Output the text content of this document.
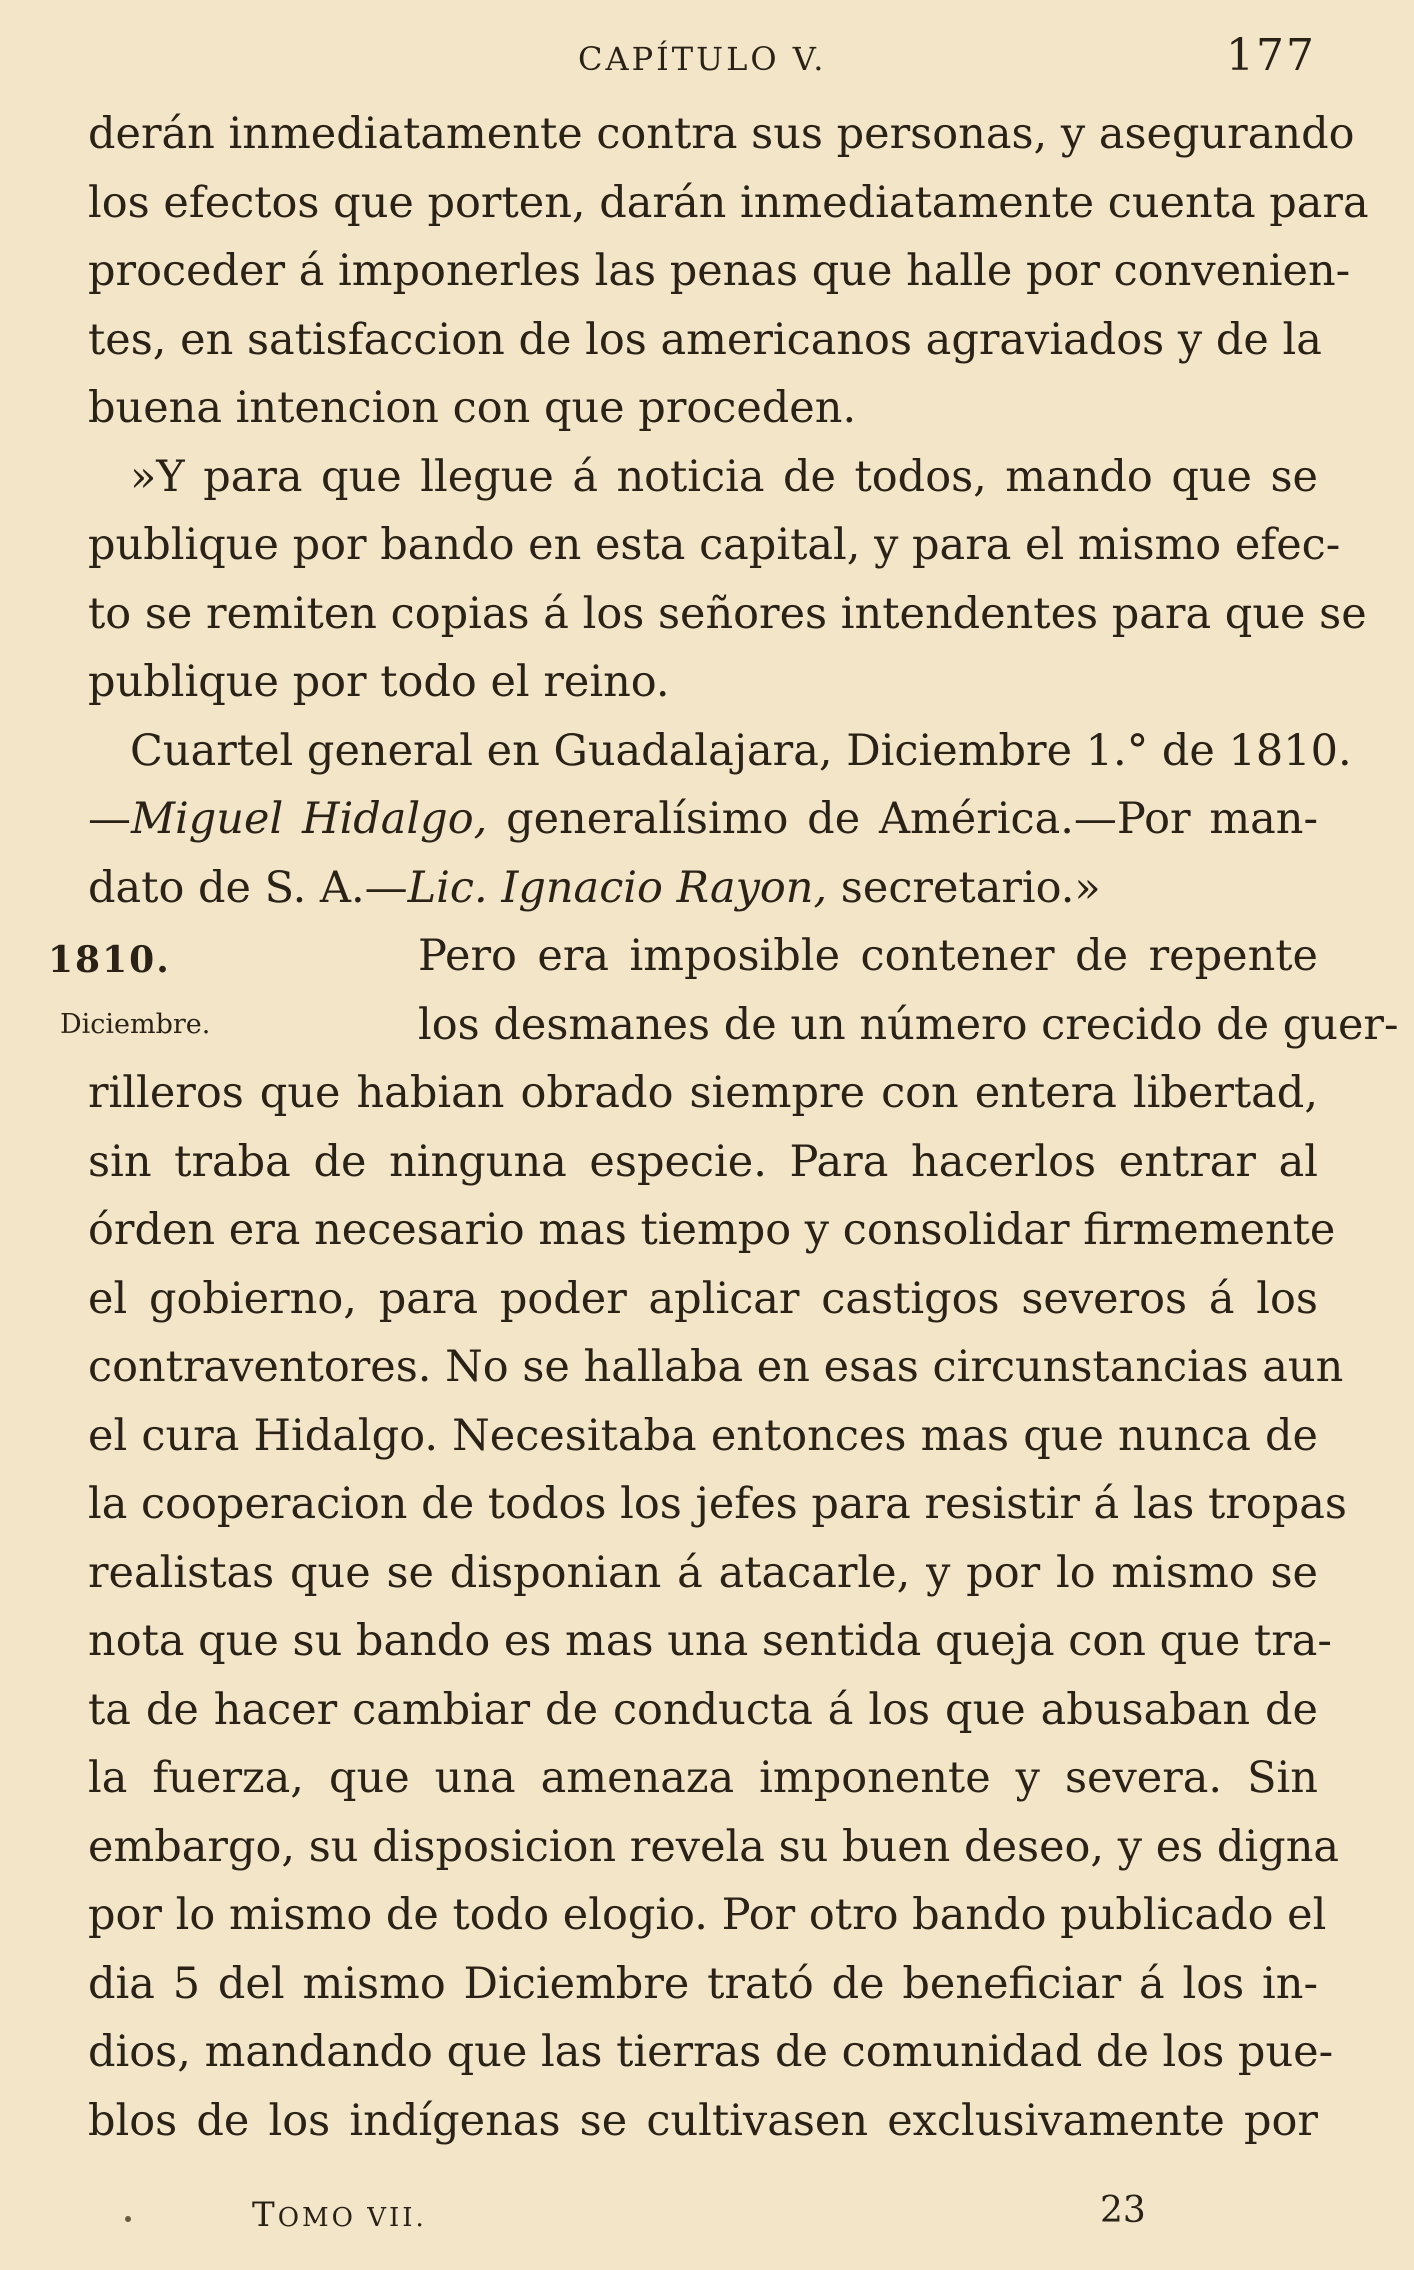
CAPÍTULO V.	177
derán inmediatamente contra sus personas, y asegurando
los efectos que porten, darán inmediatamente cuenta para
proceder á imponerles las penas que halle por convenien-
tes, en satisfaccion de los americanos agraviados y de la
buena intencion con que proceden.
»Y para que llegue á noticia de todos, mando que se
publique por bando en esta capital, y para el mismo efec-
to se remiten copias á los señores intendentes para que se
publique por todo el reino.
Cuartel general en Guadalajara, Diciembre 1.° de 1810.
—Miguel Hidalgo, generalísimo de América.—Por man-
dato de S. A.—Lic. Ignacio Rayon, secretario.»
1810.	Pero era imposible contener de repente
Diciembre.	los desmanes de un número crecido de guer-
rilleros que habian obrado siempre con entera libertad,
sin traba de ninguna especie. Para hacerlos entrar al
órden era necesario mas tiempo y consolidar firmemente
el gobierno, para poder aplicar castigos severos á los
contraventores. No se hallaba en esas circunstancias aun
el cura Hidalgo. Necesitaba entonces mas que nunca de
la cooperacion de todos los jefes para resistir á las tropas
realistas que se disponian á atacarle, y por lo mismo se
nota que su bando es mas una sentida queja con que tra-
ta de hacer cambiar de conducta á los que abusaban de
la fuerza, que una amenaza imponente y severa. Sin
embargo, su disposicion revela su buen deseo, y es digna
por lo mismo de todo elogio. Por otro bando publicado el
dia 5 del mismo Diciembre trató de beneficiar á los in-
dios, mandando que las tierras de comunidad de los pue-
blos de los indígenas se cultivasen exclusivamente por
TOMO VII.	23
